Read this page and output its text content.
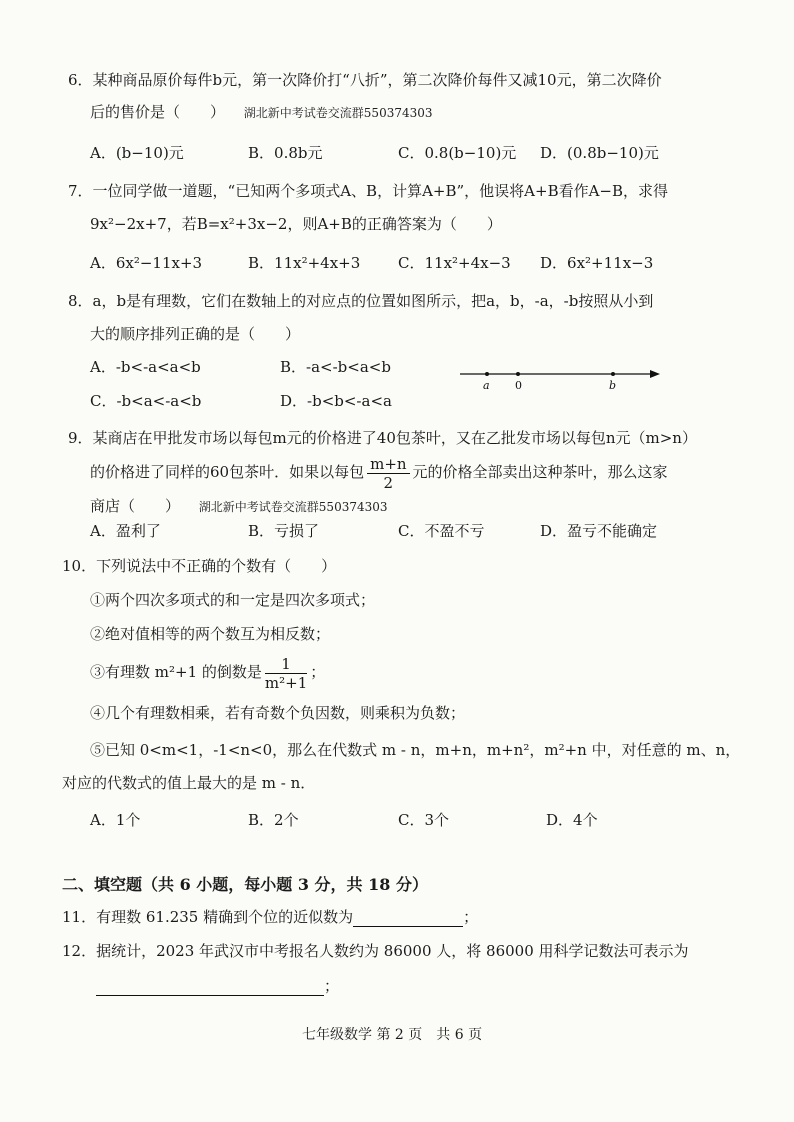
6．某种商品原价每件b元，第一次降价打“八折”，第二次降价每件又减10元，第二次降价
后的售价是（　　） 湖北新中考试卷交流群550374303
A．(b−10)元	B．0.8b元	C．0.8(b−10)元 D．(0.8b−10)元
7．一位同学做一道题，“已知两个多项式A、B，计算A+B”，他误将A+B看作A−B，求得
9x²−2x+7，若B=x²+3x−2，则A+B的正确答案为（　　）
A．6x²−11x+3	B．11x²+4x+3	C．11x²+4x−3 D．6x²+11x−3
8．a，b是有理数，它们在数轴上的对应点的位置如图所示，把a，b，-a，-b按照从小到
大的顺序排列正确的是（　　）
A．-b<-a<a<b	B．-a<-b<a<b
C．-b<a<-a<b	D．-b<b<-a<a
a 0	b
9．某商店在甲批发市场以每包m元的价格进了40包茶叶，又在乙批发市场以每包n元（m>n）
的价格进了同样的60包茶叶．如果以每包 $\frac{m+n}{2}$ 元的价格全部卖出这种茶叶，那么这家
商店（　　） 湖北新中考试卷交流群550374303
A．盈利了	B．亏损了	C．不盈不亏	D．盈亏不能确定
10．下列说法中不正确的个数有（　　）
①两个四次多项式的和一定是四次多项式；
②绝对值相等的两个数互为相反数；
③有理数 m²+1 的倒数是 $\frac{1}{\text{m²+1}}$ ；
④几个有理数相乘，若有奇数个负因数，则乘积为负数；
⑤已知 0<m<1，-1<n<0，那么在代数式 m - n，m+n，m+n²，m²+n 中，对任意的 m、n，
对应的代数式的值上最大的是 m - n．
A．1个	B．2个	C．3个	D．4个
二、填空题（共 6 小题，每小题 3 分，共 18 分）
11．有理数 61.235 精确到个位的近似数为	；
12．据统计，2023 年武汉市中考报名人数约为 86000 人，将 86000 用科学记数法可表示为
；
七年级数学 第 2 页　共 6 页
